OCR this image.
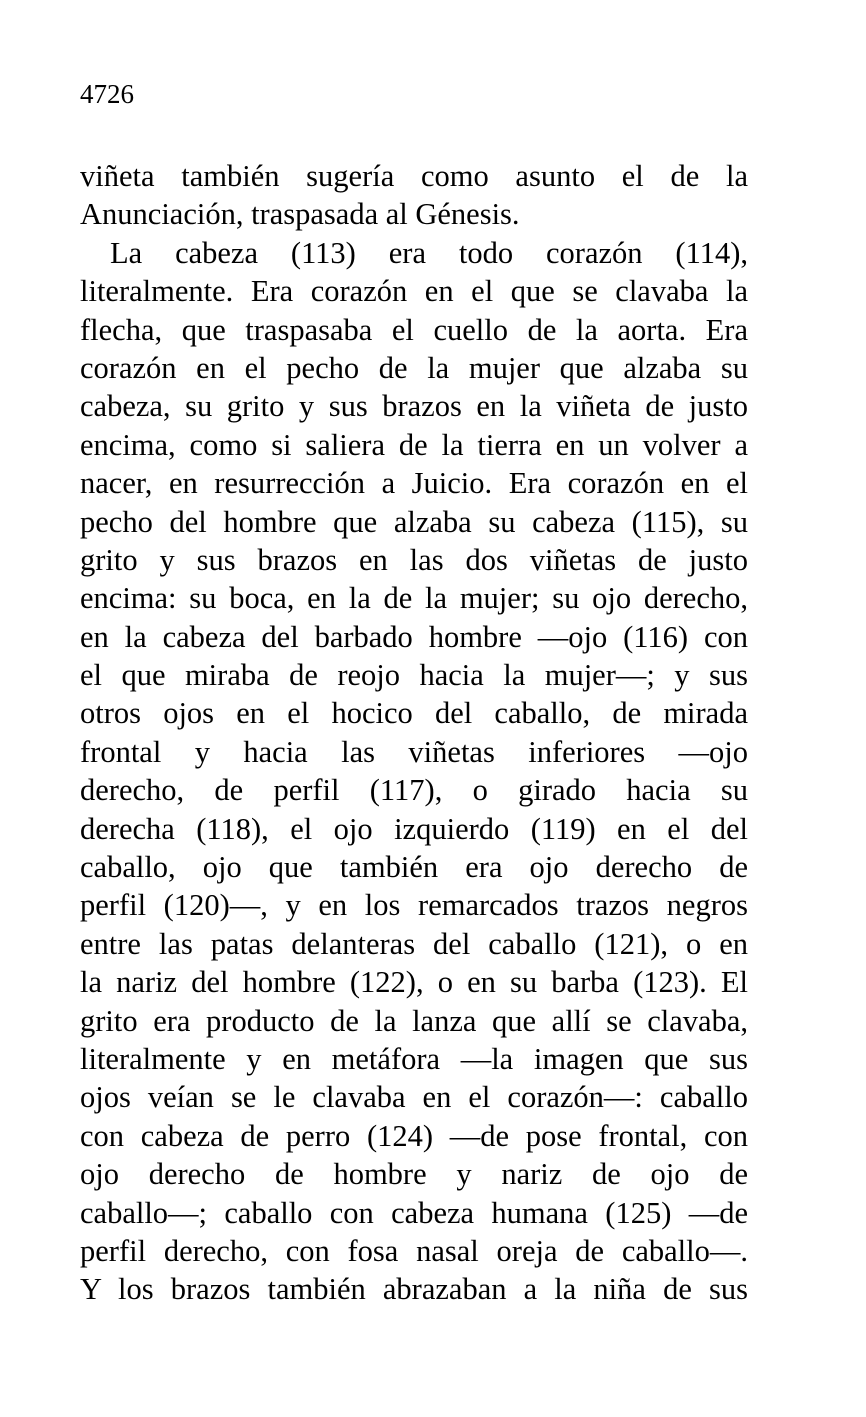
4726

viñeta también sugería como asunto el de la
Anunciación, traspasada al Génesis.
La cabeza (113) era todo corazón (114),
literalmente. Era corazón en el que se clavaba la
flecha, que traspasaba el cuello de la aorta. Era
corazón en el pecho de la mujer que alzaba su
cabeza, su grito y sus brazos en la viñeta de justo
encima, como si saliera de la tierra en un volver a
nacer, en resurrección a Juicio. Era corazón en el
pecho del hombre que alzaba su cabeza (115), su
grito y sus brazos en las dos viñetas de justo
encima: su boca, en la de la mujer; su ojo derecho,
en la cabeza del barbado hombre —ojo (116) con
el que miraba de reojo hacia la mujer—; y sus
otros ojos en el hocico del caballo, de mirada
frontal y hacia las viñetas inferiores —ojo
derecho, de perfil (117), o girado hacia su
derecha (118), el ojo izquierdo (119) en el del
caballo, ojo que también era ojo derecho de
perfil (120)—, y en los remarcados trazos negros
entre las patas delanteras del caballo (121), o en
la nariz del hombre (122), o en su barba (123). El
grito era producto de la lanza que allí se clavaba,
literalmente y en metáfora —la imagen que sus
ojos veían se le clavaba en el corazón—: caballo
con cabeza de perro (124) —de pose frontal, con
ojo derecho de hombre y nariz de ojo de
caballo—; caballo con cabeza humana (125) —de
perfil derecho, con fosa nasal oreja de caballo—.
Y los brazos también abrazaban a la niña de sus
